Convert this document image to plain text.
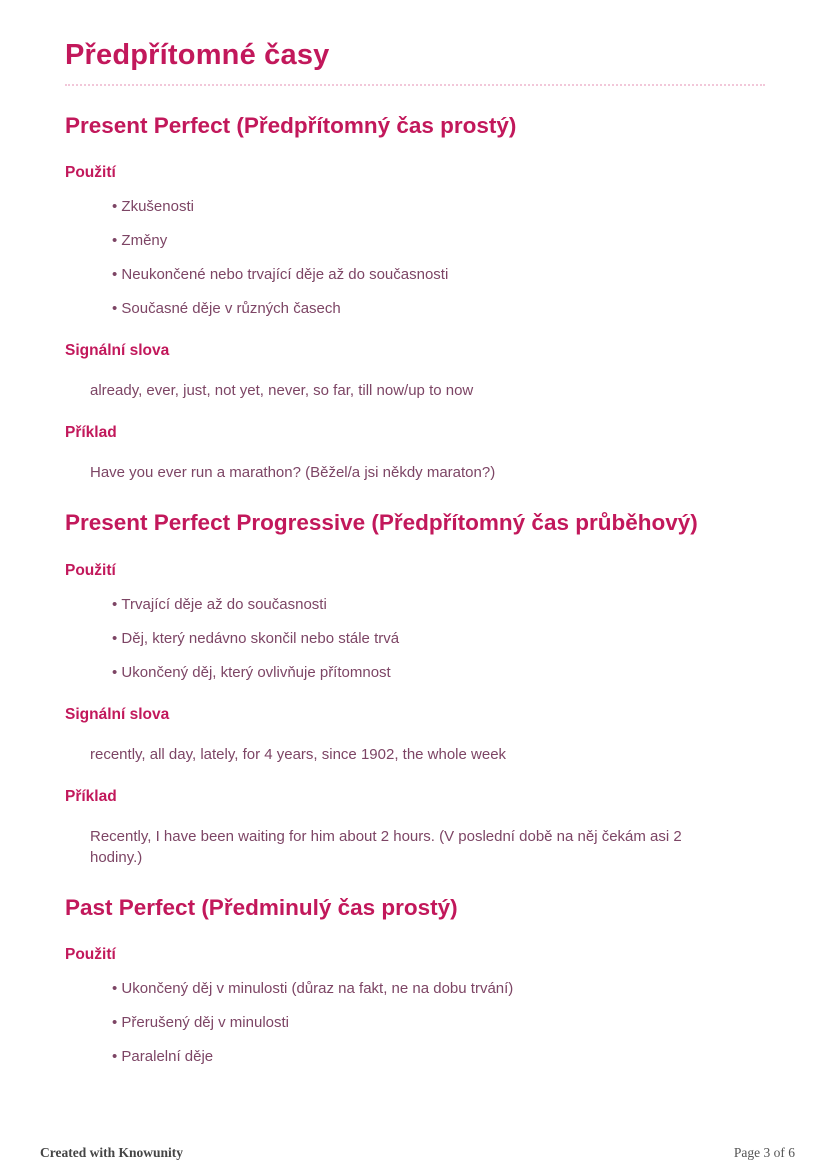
Předpřítomné časy
Present Perfect (Předpřítomný čas prostý)
Použití
• Zkušenosti
• Změny
• Neukončené nebo trvající děje až do současnosti
• Současné děje v různých časech
Signální slova

already, ever, just, not yet, never, so far, till now/up to now

Příklad

Have you ever run a marathon? (Běžel/a jsi někdy maraton?)

Present Perfect Progressive (Předpřítomný čas průběhový)
Použití
• Trvající děje až do současnosti
• Děj, který nedávno skončil nebo stále trvá
• Ukončený děj, který ovlivňuje přítomnost
Signální slova

recently, all day, lately, for 4 years, since 1902, the whole week

Příklad

Recently, I have been waiting for him about 2 hours. (V poslední době na něj čekám asi 2 hodiny.)

Past Perfect (Předminulý čas prostý)
Použití
• Ukončený děj v minulosti (důraz na fakt, ne na dobu trvání)
• Přerušený děj v minulosti
• Paralelní děje
Created with Knowunity	Page 3 of 6
